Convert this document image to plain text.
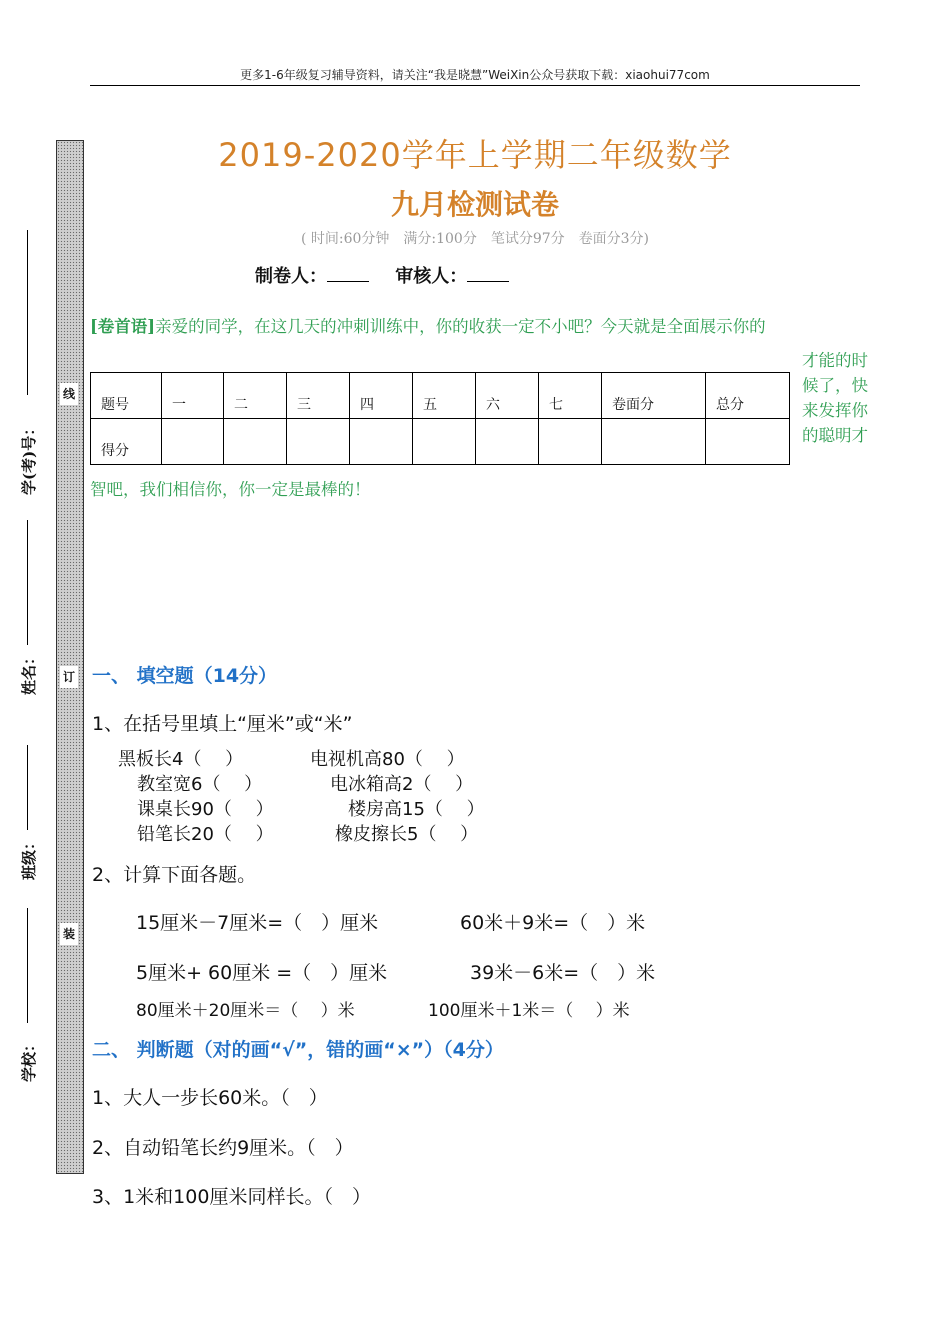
更多1-6年级复习辅导资料，请关注“我是晓慧”WeiXin公众号获取下载：xiaohui77com
线
订
装
学(考)号：
姓名：
班级：
学校：
2019-2020学年上学期二年级数学
九月检测试卷
( 时间:60分钟　满分:100分　笔试分97分　卷面分3分)
制卷人：	审核人：
[卷首语]亲爱的同学，在这几天的冲刺训练中，你的收获一定不小吧？今天就是全面展示你的
才能的时候了，快来发挥你的聪明才
题号	一	二	三	四	五	六	七	卷面分	总分
得分									
智吧，我们相信你，你一定是最棒的！
一、 填空题（14分）
1、在括号里填上“厘米”或“米”
黑板长4（　 ）	电视机高80（　 ）
教室宽6（　 ）	电冰箱高2（　 ）
课桌长90（　 ）	楼房高15（　 ）
铅笔长20（　 ）	橡皮擦长5（　 ）
2、计算下面各题。
15厘米－7厘米=（　）厘米	60米＋9米=（　）米
5厘米+ 60厘米 =（　）厘米	39米－6米=（　）米
80厘米＋20厘米＝（　 ）米	100厘米＋1米＝（　 ）米
二、 判断题（对的画“√”，错的画“×”）（4分）
1、大人一步长60米。（　）
2、自动铅笔长约9厘米。（　）
3、1米和100厘米同样长。（　）
